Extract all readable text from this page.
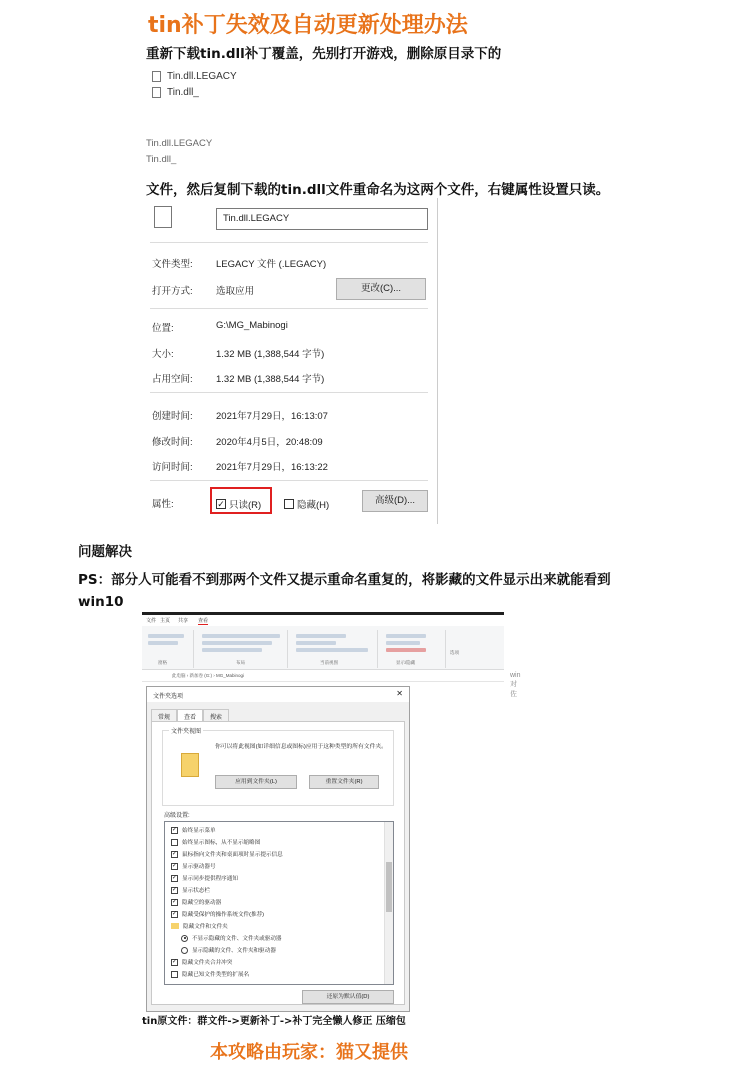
tin补丁失效及自动更新处理办法
重新下载tin.dll补丁覆盖，先别打开游戏，删除原目录下的
Tin.dll.LEGACY
Tin.dll_
Tin.dll.LEGACY
Tin.dll_
文件，然后复制下载的tin.dll文件重命名为这两个文件，右键属性设置只读。
Tin.dll.LEGACY
文件类型: LEGACY 文件 (.LEGACY)
打开方式: 选取应用	更改(C)...
位置:	G:\MG_Mabinogi
大小:	1.32 MB (1,388,544 字节)
占用空间: 1.32 MB (1,388,544 字节)
创建时间: 2021年7月29日，16:13:07
修改时间: 2020年4月5日，20:48:09
访问时间: 2021年7月29日，16:13:22
属性:	✓ 只读(R)	隐藏(H)	高级(D)...
问题解决
PS：部分人可能看不到那两个文件又提示重命名重复的，将影藏的文件显示出来就能看到
win10
文件 主页 共享 查看
窗格	布局	当前视图	显示/隐藏
选项
此电脑 › 新加卷 (G:) › MG_Mabinogi	win对佐
文件夹选项	✕
常规	查看	搜索
文件夹视图
你可以将此视图(如详细信息或图标)应用于这种类型的所有文件夹。
应用到文件夹(L)	重置文件夹(R)
高级设置:
✓ 始终显示菜单
始终显示图标，从不显示缩略图
✓ 鼠标指向文件夹和桌面项时显示提示信息
✓ 显示驱动器号
✓ 显示同步提供程序通知
✓ 显示状态栏
✓ 隐藏空的驱动器
✓ 隐藏受保护的操作系统文件(推荐)
隐藏文件和文件夹
不显示隐藏的文件、文件夹或驱动器
显示隐藏的文件、文件夹和驱动器
✓ 隐藏文件夹合并冲突
隐藏已知文件类型的扩展名
还原为默认值(D)
tin原文件：群文件->更新补丁->补丁完全懒人修正 压缩包
本攻略由玩家：猫又提供
